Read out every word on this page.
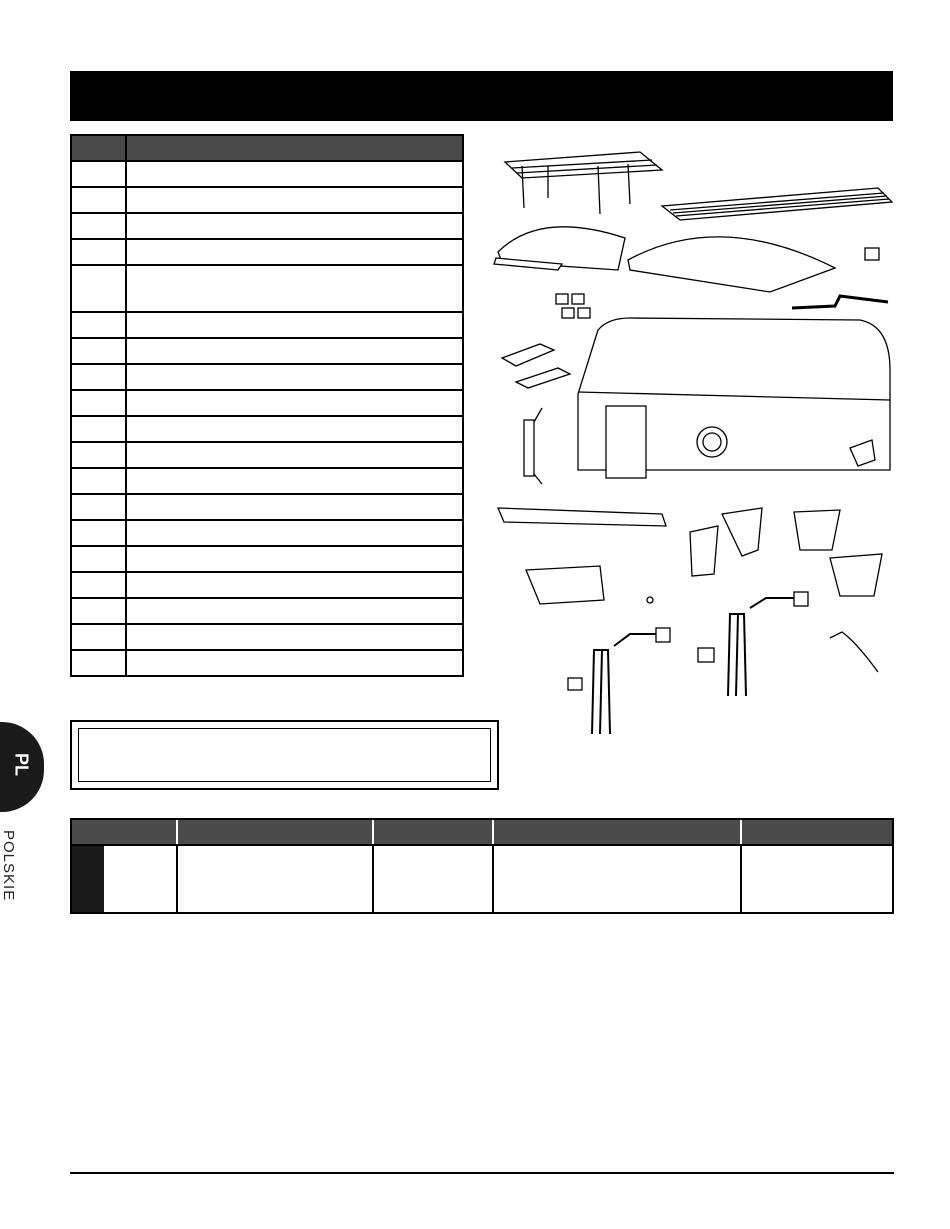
PL
POLSKIE
